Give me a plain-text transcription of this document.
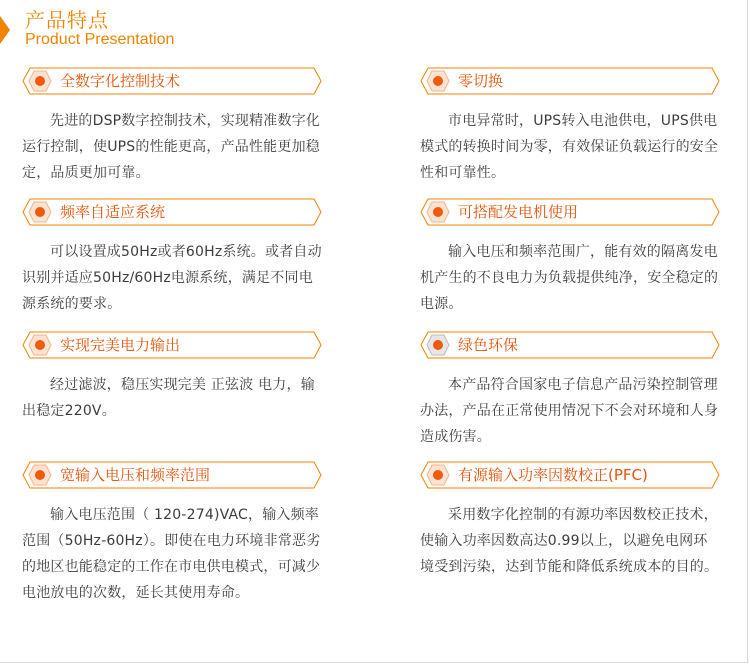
产品特点
Product Presentation
全数字化控制技术

先进的DSP数字控制技术，实现精准数字化运行控制，使UPS的性能更高，产品性能更加稳定，品质更加可靠。

零切换

市电异常时，UPS转入电池供电，UPS供电模式的转换时间为零，有效保证负载运行的安全性和可靠性。

频率自适应系统

可以设置成50Hz或者60Hz系统。或者自动识别并适应50Hz/60Hz电源系统，满足不同电源系统的要求。

可搭配发电机使用

输入电压和频率范围广，能有效的隔离发电机产生的不良电力为负载提供纯净，安全稳定的电源。

实现完美电力输出

经过滤波，稳压实现完美 正弦波 电力，输出稳定220V。

绿色环保

本产品符合国家电子信息产品污染控制管理办法，产品在正常使用情况下不会对环境和人身造成伤害。

宽输入电压和频率范围

输入电压范围（ 120-274)VAC，输入频率范围（50Hz-60Hz）。即使在电力环境非常恶劣的地区也能稳定的工作在市电供电模式，可减少电池放电的次数，延长其使用寿命。

有源输入功率因数校正(PFC)

采用数字化控制的有源功率因数校正技术，使输入功率因数高达0.99以上，以避免电网环境受到污染，达到节能和降低系统成本的目的。
